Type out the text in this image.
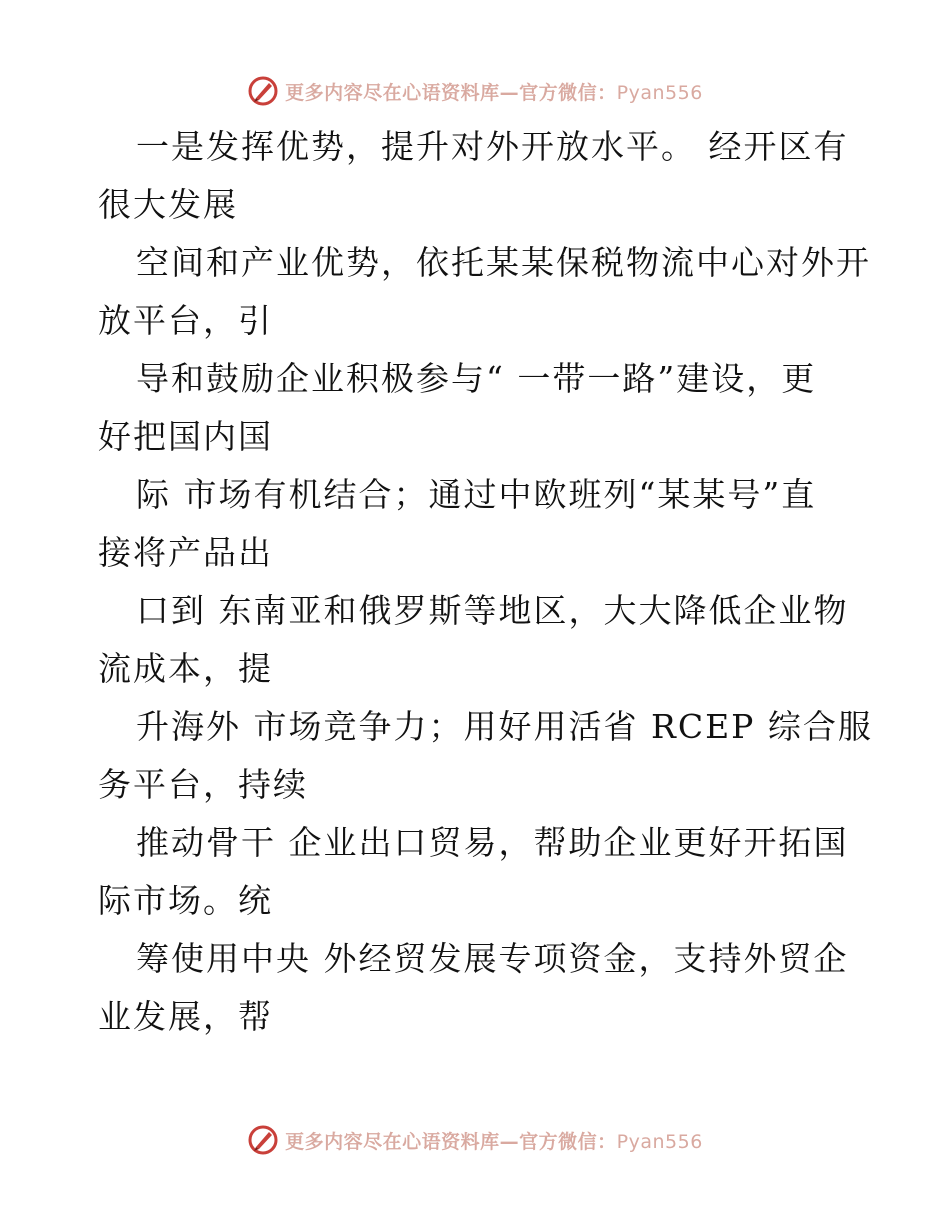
更多内容尽在心语资料库—官方微信：Pyan556
一是发挥优势，提升对外开放水平。 经开区有
很大发展
空间和产业优势，依托某某保税物流中心对外开
放平台，引
导和鼓励企业积极参与“ 一带一路”建设，更
好把国内国
际 市场有机结合；通过中欧班列“某某号”直
接将产品出
口到 东南亚和俄罗斯等地区，大大降低企业物
流成本，提
升海外 市场竞争力；用好用活省 RCEP 综合服
务平台，持续
推动骨干 企业出口贸易，帮助企业更好开拓国
际市场。统
筹使用中央 外经贸发展专项资金，支持外贸企
业发展，帮
更多内容尽在心语资料库—官方微信：Pyan556
